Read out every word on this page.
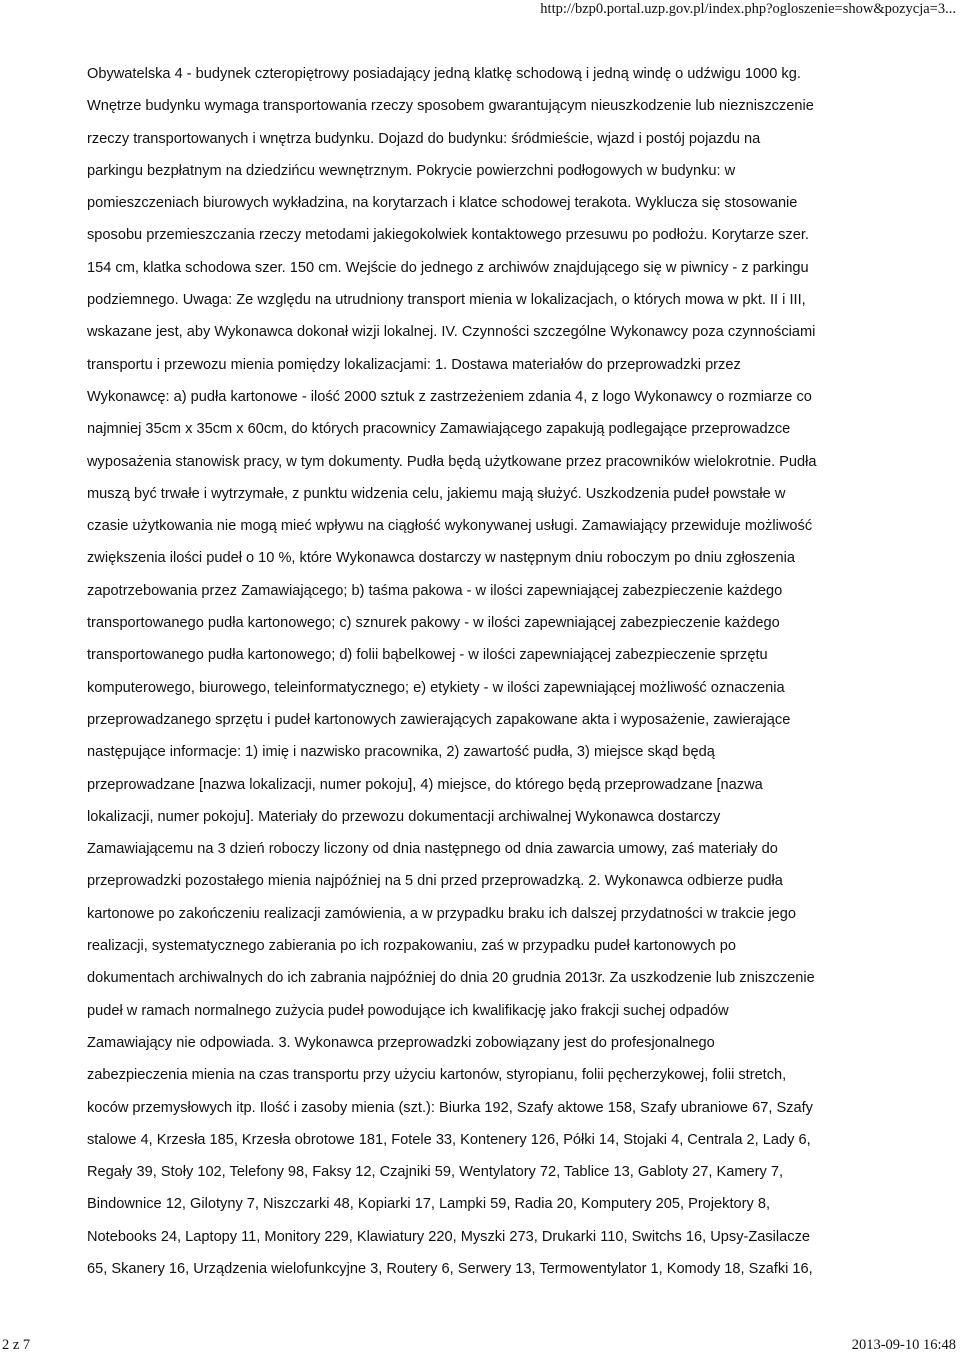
http://bzp0.portal.uzp.gov.pl/index.php?ogloszenie=show&pozycja=3...
Obywatelska 4 - budynek czteropiętrowy posiadający jedną klatkę schodową i jedną windę o udźwigu 1000 kg.
Wnętrze budynku wymaga transportowania rzeczy sposobem gwarantującym nieuszkodzenie lub niezniszczenie
rzeczy transportowanych i wnętrza budynku. Dojazd do budynku: śródmieście, wjazd i postój pojazdu na
parkingu bezpłatnym na dziedzińcu wewnętrznym. Pokrycie powierzchni podłogowych w budynku: w
pomieszczeniach biurowych wykładzina, na korytarzach i klatce schodowej terakota. Wyklucza się stosowanie
sposobu przemieszczania rzeczy metodami jakiegokolwiek kontaktowego przesuwu po podłożu. Korytarze szer.
154 cm, klatka schodowa szer. 150 cm. Wejście do jednego z archiwów znajdującego się w piwnicy - z parkingu
podziemnego. Uwaga: Ze względu na utrudniony transport mienia w lokalizacjach, o których mowa w pkt. II i III,
wskazane jest, aby Wykonawca dokonał wizji lokalnej. IV. Czynności szczególne Wykonawcy poza czynnościami
transportu i przewozu mienia pomiędzy lokalizacjami: 1. Dostawa materiałów do przeprowadzki przez
Wykonawcę: a) pudła kartonowe - ilość 2000 sztuk z zastrzeżeniem zdania 4, z logo Wykonawcy o rozmiarze co
najmniej 35cm x 35cm x 60cm, do których pracownicy Zamawiającego zapakują podlegające przeprowadzce
wyposażenia stanowisk pracy, w tym dokumenty. Pudła będą użytkowane przez pracowników wielokrotnie. Pudła
muszą być trwałe i wytrzymałe, z punktu widzenia celu, jakiemu mają służyć. Uszkodzenia pudeł powstałe w
czasie użytkowania nie mogą mieć wpływu na ciągłość wykonywanej usługi. Zamawiający przewiduje możliwość
zwiększenia ilości pudeł o 10 %, które Wykonawca dostarczy w następnym dniu roboczym po dniu zgłoszenia
zapotrzebowania przez Zamawiającego; b) taśma pakowa - w ilości zapewniającej zabezpieczenie każdego
transportowanego pudła kartonowego; c) sznurek pakowy - w ilości zapewniającej zabezpieczenie każdego
transportowanego pudła kartonowego; d) folii bąbelkowej - w ilości zapewniającej zabezpieczenie sprzętu
komputerowego, biurowego, teleinformatycznego; e) etykiety - w ilości zapewniającej możliwość oznaczenia
przeprowadzanego sprzętu i pudeł kartonowych zawierających zapakowane akta i wyposażenie, zawierające
następujące informacje: 1) imię i nazwisko pracownika, 2) zawartość pudła, 3) miejsce skąd będą
przeprowadzane [nazwa lokalizacji, numer pokoju], 4) miejsce, do którego będą przeprowadzane [nazwa
lokalizacji, numer pokoju]. Materiały do przewozu dokumentacji archiwalnej Wykonawca dostarczy
Zamawiającemu na 3 dzień roboczy liczony od dnia następnego od dnia zawarcia umowy, zaś materiały do
przeprowadzki pozostałego mienia najpóźniej na 5 dni przed przeprowadzką. 2. Wykonawca odbierze pudła
kartonowe po zakończeniu realizacji zamówienia, a w przypadku braku ich dalszej przydatności w trakcie jego
realizacji, systematycznego zabierania po ich rozpakowaniu, zaś w przypadku pudeł kartonowych po
dokumentach archiwalnych do ich zabrania najpóźniej do dnia 20 grudnia 2013r. Za uszkodzenie lub zniszczenie
pudeł w ramach normalnego zużycia pudeł powodujące ich kwalifikację jako frakcji suchej odpadów
Zamawiający nie odpowiada. 3. Wykonawca przeprowadzki zobowiązany jest do profesjonalnego
zabezpieczenia mienia na czas transportu przy użyciu kartonów, styropianu, folii pęcherzykowej, folii stretch,
koców przemysłowych itp. Ilość i zasoby mienia (szt.): Biurka 192, Szafy aktowe 158, Szafy ubraniowe 67, Szafy
stalowe 4, Krzesła 185, Krzesła obrotowe 181, Fotele 33, Kontenery 126, Półki 14, Stojaki 4, Centrala 2, Lady 6,
Regały 39, Stoły 102, Telefony 98, Faksy 12, Czajniki 59, Wentylatory 72, Tablice 13, Gabloty 27, Kamery 7,
Bindownice 12, Gilotyny 7, Niszczarki 48, Kopiarki 17, Lampki 59, Radia 20, Komputery 205, Projektory 8,
Notebooks 24, Laptopy 11, Monitory 229, Klawiatury 220, Myszki 273, Drukarki 110, Switchs 16, Upsy-Zasilacze
65, Skanery 16, Urządzenia wielofunkcyjne 3, Routery 6, Serwery 13, Termowentylator 1, Komody 18, Szafki 16,
2 z 7	2013-09-10 16:48
